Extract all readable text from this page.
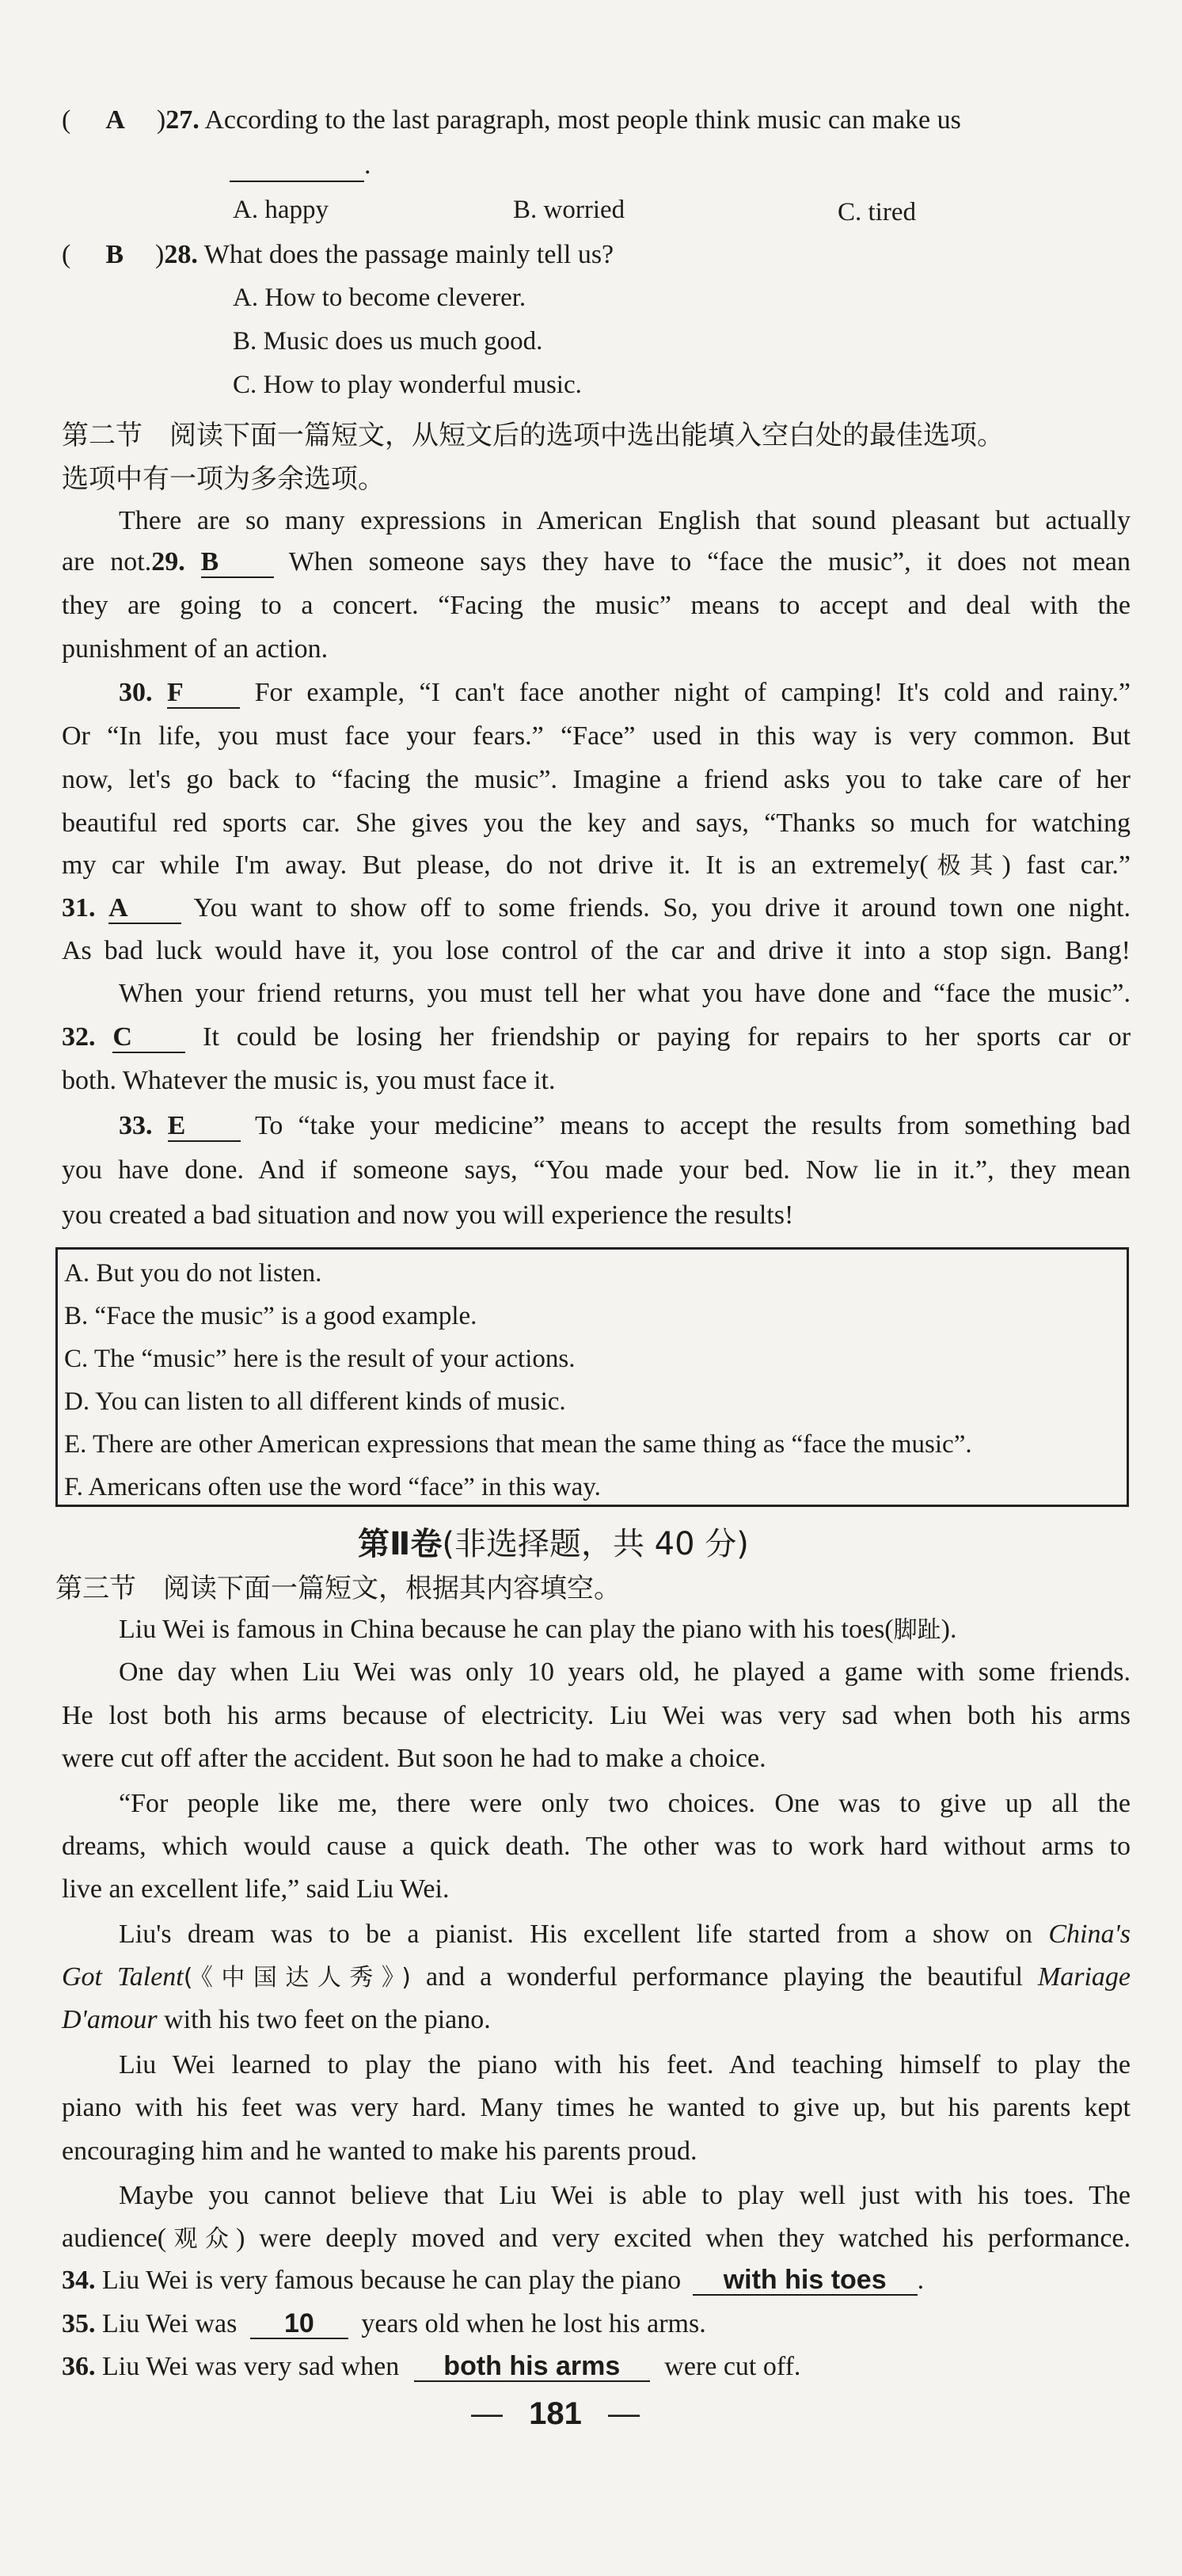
( A )27. According to the last paragraph, most people think music can make us
.
A. happy	B. worried	C. tired
( B )28. What does the passage mainly tell us?
A. How to become cleverer.
B. Music does us much good.
C. How to play wonderful music.
第二节　阅读下面一篇短文，从短文后的选项中选出能填入空白处的最佳选项。
选项中有一项为多余选项。
There are so many expressions in American English that sound pleasant but actually
are not.29. B	When someone says they have to “face the music”, it does not mean
they are going to a concert. “Facing the music” means to accept and deal with the
punishment of an action.
30. F	For example, “I can't face another night of camping! It's cold and rainy.”
Or “In life, you must face your fears.” “Face” used in this way is very common. But
now, let's go back to “facing the music”. Imagine a friend asks you to take care of her
beautiful red sports car. She gives you the key and says, “Thanks so much for watching
my car while I'm away. But please, do not drive it. It is an extremely(极其) fast car.”
31. A You want to show off to some friends. So, you drive it around town one night.
As bad luck would have it, you lose control of the car and drive it into a stop sign. Bang!
When your friend returns, you must tell her what you have done and “face the music”.
32. C	It could be losing her friendship or paying for repairs to her sports car or
both. Whatever the music is, you must face it.
33. E	To “take your medicine” means to accept the results from something bad
you have done. And if someone says, “You made your bed. Now lie in it.”, they mean
you created a bad situation and now you will experience the results!
A. But you do not listen.
B. “Face the music” is a good example.
C. The “music” here is the result of your actions.
D. You can listen to all different kinds of music.
E. There are other American expressions that mean the same thing as “face the music”.
F. Americans often use the word “face” in this way.
第Ⅱ卷(非选择题，共 40 分)
第三节　阅读下面一篇短文，根据其内容填空。
Liu Wei is famous in China because he can play the piano with his toes(脚趾).
One day when Liu Wei was only 10 years old, he played a game with some friends.
He lost both his arms because of electricity. Liu Wei was very sad when both his arms
were cut off after the accident. But soon he had to make a choice.
“For people like me, there were only two choices. One was to give up all the
dreams, which would cause a quick death. The other was to work hard without arms to
live an excellent life,” said Liu Wei.
Liu's dream was to be a pianist. His excellent life started from a show on China's
Got Talent(《中国达人秀》) and a wonderful performance playing the beautiful Mariage
D'amour with his two feet on the piano.
Liu Wei learned to play the piano with his feet. And teaching himself to play the
piano with his feet was very hard. Many times he wanted to give up, but his parents kept
encouraging him and he wanted to make his parents proud.
Maybe you cannot believe that Liu Wei is able to play well just with his toes. The
audience(观众) were deeply moved and very excited when they watched his performance.
34. Liu Wei is very famous because he can play the piano with his toes .
35. Liu Wei was 10 years old when he lost his arms.
36. Liu Wei was very sad when both his arms were cut off.
— 181 —
